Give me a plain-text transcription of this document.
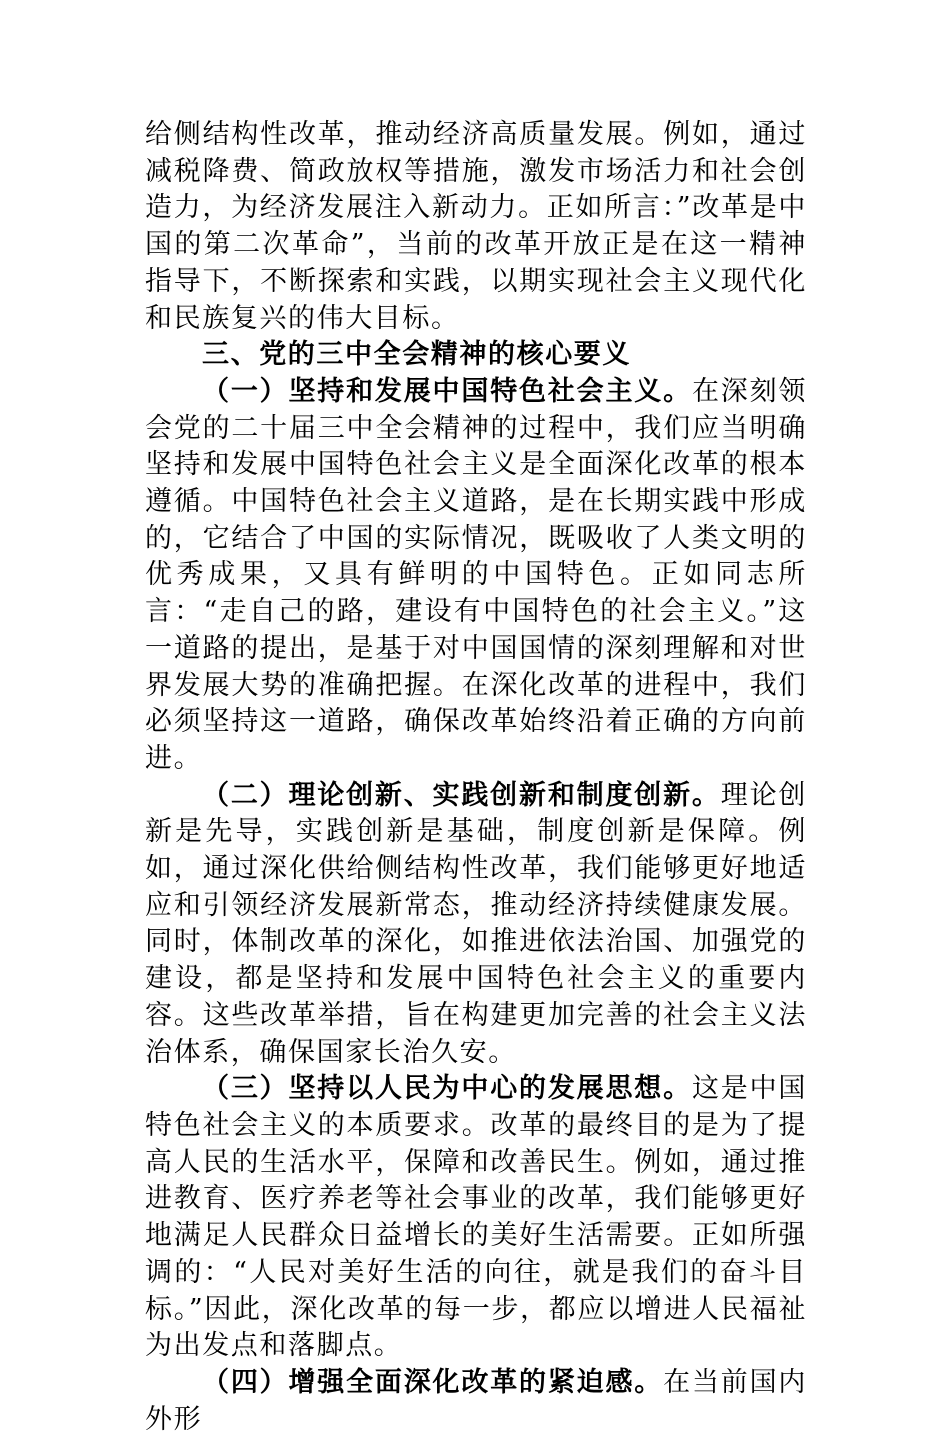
给侧结构性改革，推动经济高质量发展。例如，通过减税降费、简政放权等措施，激发市场活力和社会创造力，为经济发展注入新动力。正如所言：”改革是中国的第二次革命”，当前的改革开放正是在这一精神指导下，不断探索和实践，以期实现社会主义现代化和民族复兴的伟大目标。

三、党的三中全会精神的核心要义

（一）坚持和发展中国特色社会主义。在深刻领会党的二十届三中全会精神的过程中，我们应当明确坚持和发展中国特色社会主义是全面深化改革的根本遵循。中国特色社会主义道路，是在长期实践中形成的，它结合了中国的实际情况，既吸收了人类文明的优秀成果，又具有鲜明的中国特色。正如同志所言：“走自己的路，建设有中国特色的社会主义。”这一道路的提出，是基于对中国国情的深刻理解和对世界发展大势的准确把握。在深化改革的进程中，我们必须坚持这一道路，确保改革始终沿着正确的方向前进。

（二）理论创新、实践创新和制度创新。理论创新是先导，实践创新是基础，制度创新是保障。例如，通过深化供给侧结构性改革，我们能够更好地适应和引领经济发展新常态，推动经济持续健康发展。同时，体制改革的深化，如推进依法治国、加强党的建设，都是坚持和发展中国特色社会主义的重要内容。这些改革举措，旨在构建更加完善的社会主义法治体系，确保国家长治久安。

（三）坚持以人民为中心的发展思想。这是中国特色社会主义的本质要求。改革的最终目的是为了提高人民的生活水平，保障和改善民生。例如，通过推进教育、医疗养老等社会事业的改革，我们能够更好地满足人民群众日益增长的美好生活需要。正如所强调的：“人民对美好生活的向往，就是我们的奋斗目标。”因此，深化改革的每一步，都应以增进人民福祉为出发点和落脚点。

（四）增强全面深化改革的紧迫感。在当前国内外形
